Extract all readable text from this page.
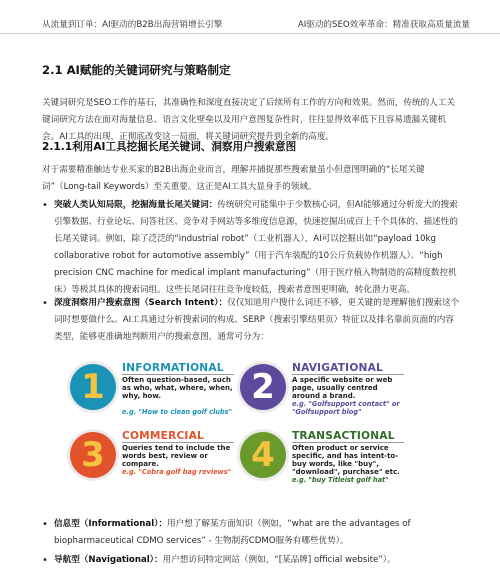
从流量到订单：AI驱动的B2B出海营销增长引擎	AI驱动的SEO效率革命：精准获取高质量流量
2.1 AI赋能的关键词研究与策略制定

关键词研究是SEO工作的基石，其准确性和深度直接决定了后续所有工作的方向和效果。然而，传统的人工关键词研究方法在面对海量信息、语言文化壁垒以及用户意图复杂性时，往往显得效率低下且容易遗漏关键机会。AI工具的出现，正彻底改变这一局面，将关键词研究提升到全新的高度。

2.1.1利用AI工具挖掘长尾关键词、洞察用户搜索意图

对于需要精准触达专业买家的B2B出海企业而言，理解并捕捉那些搜索量虽小但意图明确的“长尾关键词”（Long-tail Keywords）至关重要。这正是AI工具大显身手的领域。

• 突破人类认知局限，挖掘海量长尾关键词：传统研究可能集中于少数核心词，但AI能够通过分析庞大的搜索引擎数据、行业论坛、问答社区、竞争对手网站等多维度信息源，快速挖掘出成百上千个具体的、描述性的长尾关键词。例如，除了泛泛的“industrial robot”（工业机器人），AI可以挖掘出如“payload 10kg collaborative robot for automotive assembly”（用于汽车装配的10公斤负载协作机器人）、“high precision CNC machine for medical implant manufacturing”（用于医疗植入物制造的高精度数控机床）等极其具体的搜索词组。这些长尾词往往竞争度较低，搜索者意图更明确，转化潜力更高。
• 深度洞察用户搜索意图（Search Intent）：仅仅知道用户搜什么词还不够，更关键的是理解他们搜索这个词时想要做什么。AI工具通过分析搜索词的构成、SERP（搜索引擎结果页）特征以及排名靠前页面的内容类型，能够更准确地判断用户的搜索意图，通常可分为：
• 信息型（Informational）：用户想了解某方面知识（例如，“what are the advantages of biopharmaceutical CDMO services” - 生物制药CDMO服务有哪些优势）。
• 导航型（Navigational）：用户想访问特定网站（例如，“[某品牌] official website”）。
1	INFORMATIONAL
Often question-based, such as who, what, where, when, why, how.
e.g. "How to clean golf clubs"
2	NAVIGATIONAL
A specific website or web page, usually centred around a brand.
e.g. "Golfsupport contact" or "Golfsupport blog"
3	COMMERCIAL
Queries tend to include the words best, review or compare.
e.g. "Cobra golf bag reviews" 4	TRANSACTIONAL
Often product or service specific, and has intent-to-buy words, like "buy", "download", purchase" etc.
e.g. "buy Titleist golf hat"
